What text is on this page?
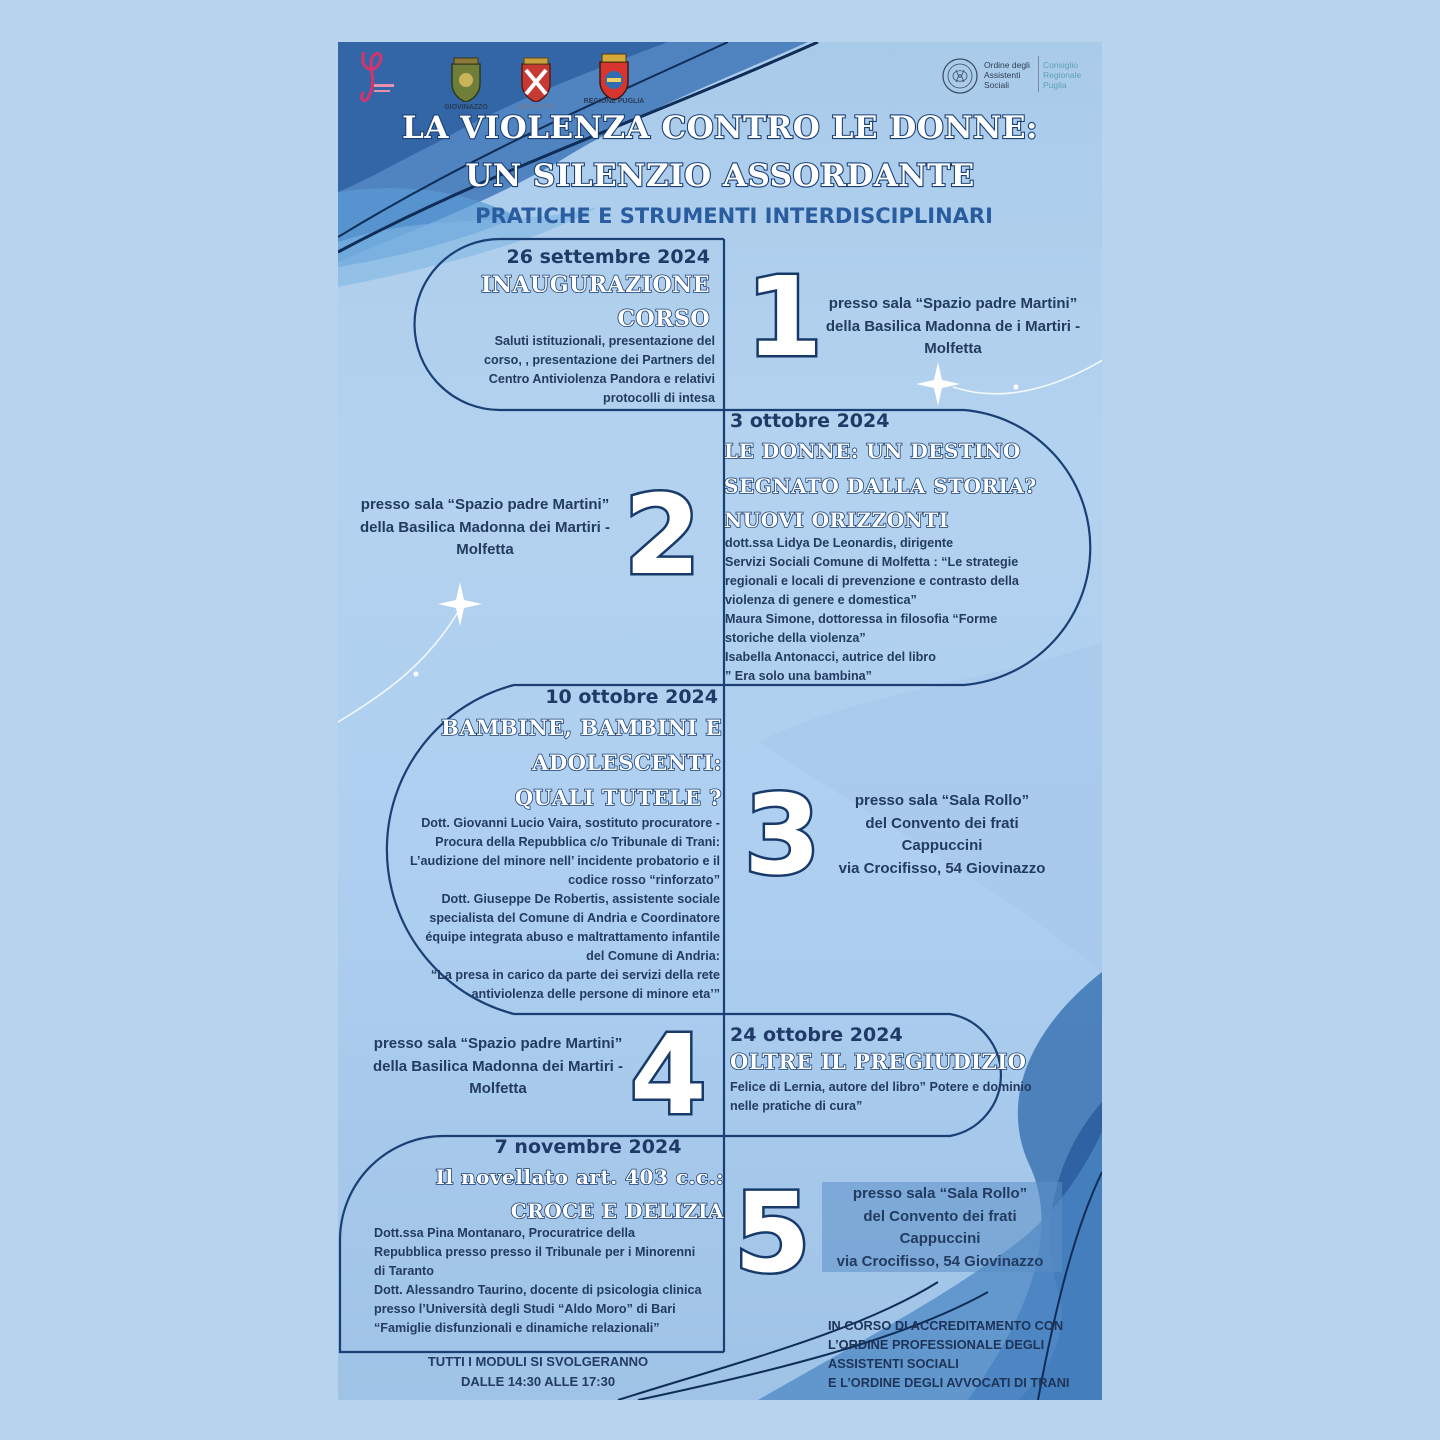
GIOVINAZZO	MOLFETTA
REGIONE PUGLIA
Ordine degli
Assistenti
Sociali
Consiglio
Regionale
Puglia
LA VIOLENZA CONTRO LE DONNE:
UN SILENZIO ASSORDANTE
PRATICHE E STRUMENTI INTERDISCIPLINARI
26 settembre 2024
INAUGURAZIONE
CORSO
Saluti istituzionali, presentazione del
corso, , presentazione dei Partners del
Centro Antiviolenza Pandora e relativi
protocolli di intesa
1 presso sala “Spazio padre Martini”
della Basilica Madonna de i Martiri -
Molfetta
3 ottobre 2024
LE DONNE: UN DESTINO
SEGNATO DALLA STORIA?
NUOVI ORIZZONTI
dott.ssa Lidya De Leonardis, dirigente
Servizi Sociali Comune di Molfetta : “Le strategie
regionali e locali di prevenzione e contrasto della
violenza di genere e domestica”
Maura Simone, dottoressa in filosofia “Forme
storiche della violenza”
Isabella Antonacci, autrice del libro
” Era solo una bambina”
2
presso sala “Spazio padre Martini”
della Basilica Madonna dei Martiri -
Molfetta
10 ottobre 2024
BAMBINE, BAMBINI E
ADOLESCENTI:
QUALI TUTELE ?
Dott. Giovanni Lucio Vaira, sostituto procuratore -
Procura della Repubblica c/o Tribunale di Trani:
L’audizione del minore nell’ incidente probatorio e il
codice rosso “rinforzato”
Dott. Giuseppe De Robertis, assistente sociale
specialista del Comune di Andria e Coordinatore
équipe integrata abuso e maltrattamento infantile
del Comune di Andria:
“La presa in carico da parte dei servizi della rete
antiviolenza delle persone di minore eta’”
3	presso sala “Sala Rollo”
del Convento dei frati
Cappuccini
via Crocifisso, 54 Giovinazzo
24 ottobre 2024
OLTRE IL PREGIUDIZIO
Felice di Lernia, autore del libro” Potere e dominio
nelle pratiche di cura”
4
presso sala “Spazio padre Martini”
della Basilica Madonna dei Martiri -
Molfetta
7 novembre 2024
Il novellato art. 403 c.c.:
CROCE E DELIZIA
Dott.ssa Pina Montanaro, Procuratrice della
Repubblica presso presso il Tribunale per i Minorenni
di Taranto
Dott. Alessandro Taurino, docente di psicologia clinica
presso l’Università degli Studi “Aldo Moro” di Bari
“Famiglie disfunzionali e dinamiche relazionali”
5	presso sala “Sala Rollo”
del Convento dei frati
Cappuccini
via Crocifisso, 54 Giovinazzo
TUTTI I MODULI SI SVOLGERANNO
DALLE 14:30 ALLE 17:30
IN CORSO DI ACCREDITAMENTO CON
L’ORDINE PROFESSIONALE DEGLI
ASSISTENTI SOCIALI
E L’ORDINE DEGLI AVVOCATI DI TRANI
